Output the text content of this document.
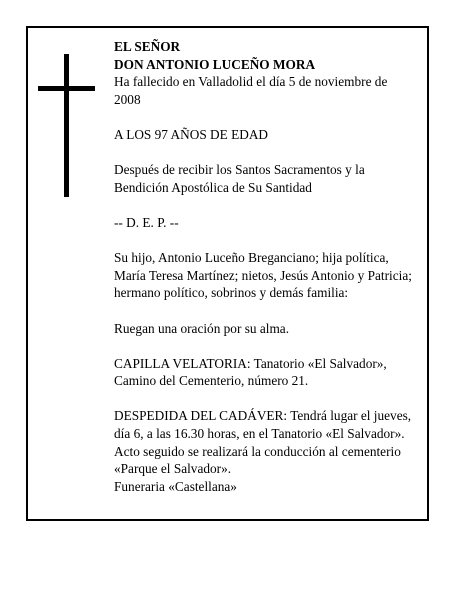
EL SEÑOR

DON ANTONIO LUCEÑO MORA

Ha fallecido en Valladolid el día 5 de noviembre de 2008

A LOS 97 AÑOS DE EDAD

Después de recibir los Santos Sacramentos y la Bendición Apostólica de Su Santidad

-- D. E. P. --

Su hijo, Antonio Luceño Breganciano; hija política, María Teresa Martínez; nietos, Jesús Antonio y Patricia; hermano político, sobrinos y demás familia:

Ruegan una oración por su alma.

CAPILLA VELATORIA: Tanatorio «El Salvador», Camino del Cementerio, número 21.

DESPEDIDA DEL CADÁVER: Tendrá lugar el jueves, día 6, a las 16.30 horas, en el Tanatorio «El Salvador». Acto seguido se realizará la conducción al cementerio «Parque el Salvador».

Funeraria «Castellana»
